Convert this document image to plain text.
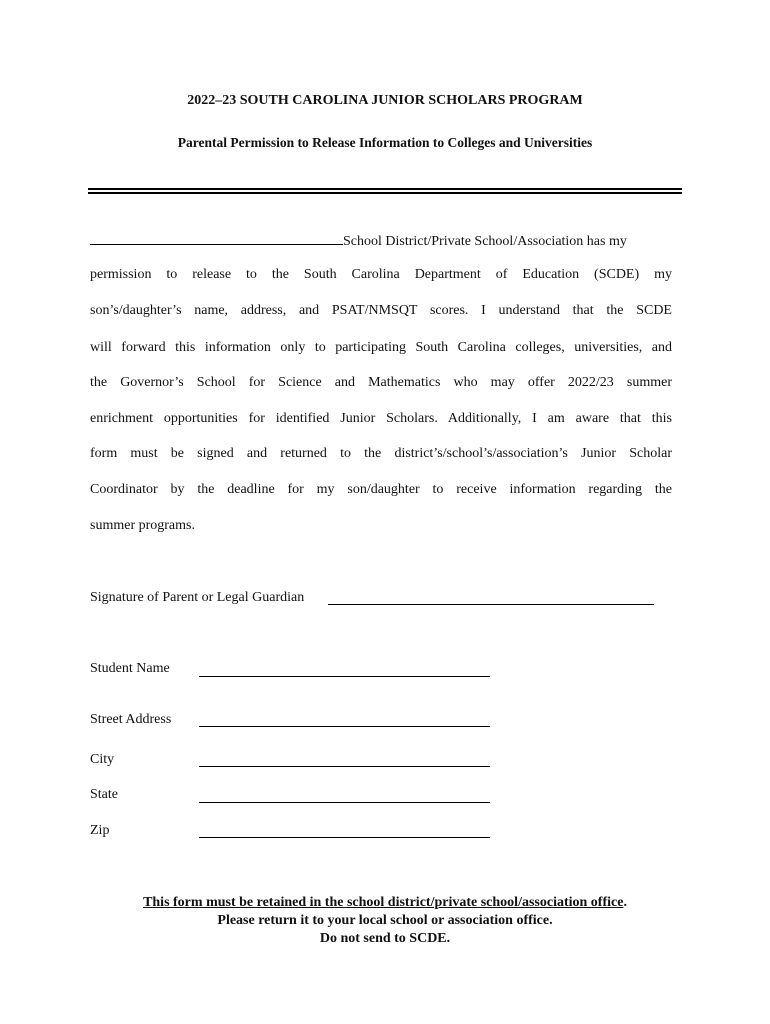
2022–23 SOUTH CAROLINA JUNIOR SCHOLARS PROGRAM
Parental Permission to Release Information to Colleges and Universities
School District/Private School/Association has my
permission to release to the South Carolina Department of Education (SCDE) my
son’s/daughter’s name, address, and PSAT/NMSQT scores. I understand that the SCDE
will forward this information only to participating South Carolina colleges, universities, and
the Governor’s School for Science and Mathematics who may offer 2022/23 summer
enrichment opportunities for identified Junior Scholars. Additionally, I am aware that this
form must be signed and returned to the district’s/school’s/association’s Junior Scholar
Coordinator by the deadline for my son/daughter to receive information regarding the
summer programs.
Signature of Parent or Legal Guardian
Student Name
Street Address
City
State
Zip
This form must be retained in the school district/private school/association office.
Please return it to your local school or association office.
Do not send to SCDE.
